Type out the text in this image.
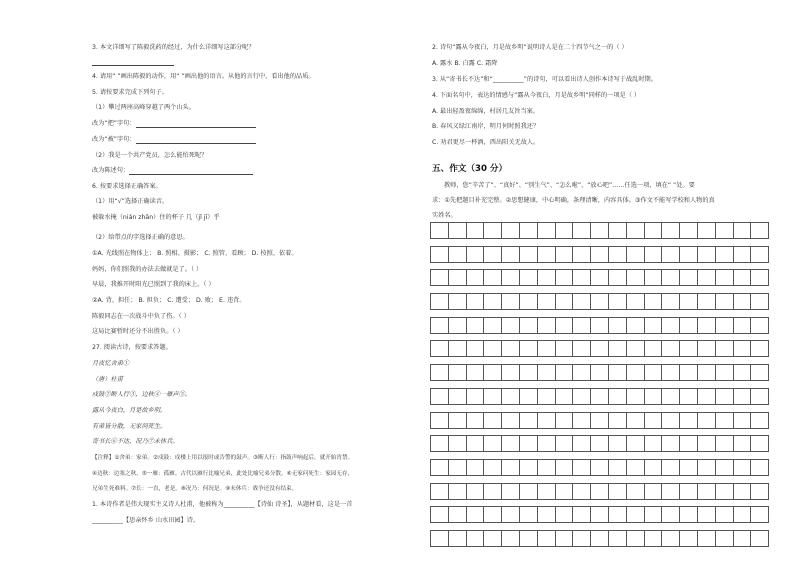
3. 本文详细写了陈毅洗药的经过，为什么详细写这部分呢？
4. 请用“ ”画出陈毅的动作，用“ ”画出他的语言。从他的言行中，看出他的品质。
5. 请按要求完成下列句子。
（1）攀过两座高峰穿越了两个山头。
改为“把”字句：
改为“被”字句：
（2）我是一个共产党员，怎么能怕死呢？
改为陈述句：
6. 按要求选择正确答案。
（1）用“√”选择正确读音。
被躲水掩（nián zhān）住的杯子 几（jǐ jī）乎
（2）给带点的字选择正确的意思。
①A. 光线照在物体上； B. 照相、摄影； C. 照管、看顾； D. 按照、依着。
妈妈，你们照我的办法去做就是了。（ ）
早晨，我推开时阳光已照到了我的床上。（ ）
②A. 背、担任； B. 担负； C. 遭受； D. 败； E. 违背。
陈毅同志在一次战斗中负了伤。（ ）
这局比赛暂时还分不出胜负。（ ）
27. 阅读古诗，按要求答题。
月夜忆舍弟①
（唐）杜甫
戍鼓②断人行③，边秋④一雁声⑤。
露从今夜白，月是故乡明。
有弟皆分散，无家问死生。
寄书长⑥不达，况乃⑦未休兵。
【注释】①舍弟：家弟。②戍鼓：戍楼上用以报时或告警的鼓声。③断人行：指鼓声响起后，就开始宵禁。
④边秋：边塞之秋。⑤一雁：孤雁。古代以雁行比喻兄弟，此处比喻兄弟分散。⑥无家问死生：家园无存，
兄弟生死难料。⑦长：一直，老是。⑧况乃：何况是。⑨未休兵：战争还没有结束。
1. 本诗作者是伟大现实主义诗人杜甫，他被称为__________【诗仙 诗圣】，从题材看，这是一首
__________【思亲怀乡 山水田园】诗。
2. 诗句“露从今夜白，月是故乡明”说明诗人是在二十四节气之一的（ ）
A. 露水 B. 白露 C. 霜降
3. 从“寄书长不达”和“__________”的诗句，可以看出诗人创作本诗写于战乱时期。
4. 下面名句中，表达的情感与“露从今夜白，月是故乡明”同样的一项是（ ）
A. 最出轻盈夜绵绵，村居几友旨当案。
B. 春风又绿江南岸，明月何时照我还？
C. 劝君更尽一杯酒，西出阳关无故人。
五、作文（30 分）
教师，您“辛苦了”、“真好”、“别生气”、“怎么啦”、“放心吧”……任选一项，填在“ ”处。要
求：①先把题目补充完整。②思想健康，中心明确，条理清晰，内容具体。③作文不能写学校和人物的真
实姓名。
